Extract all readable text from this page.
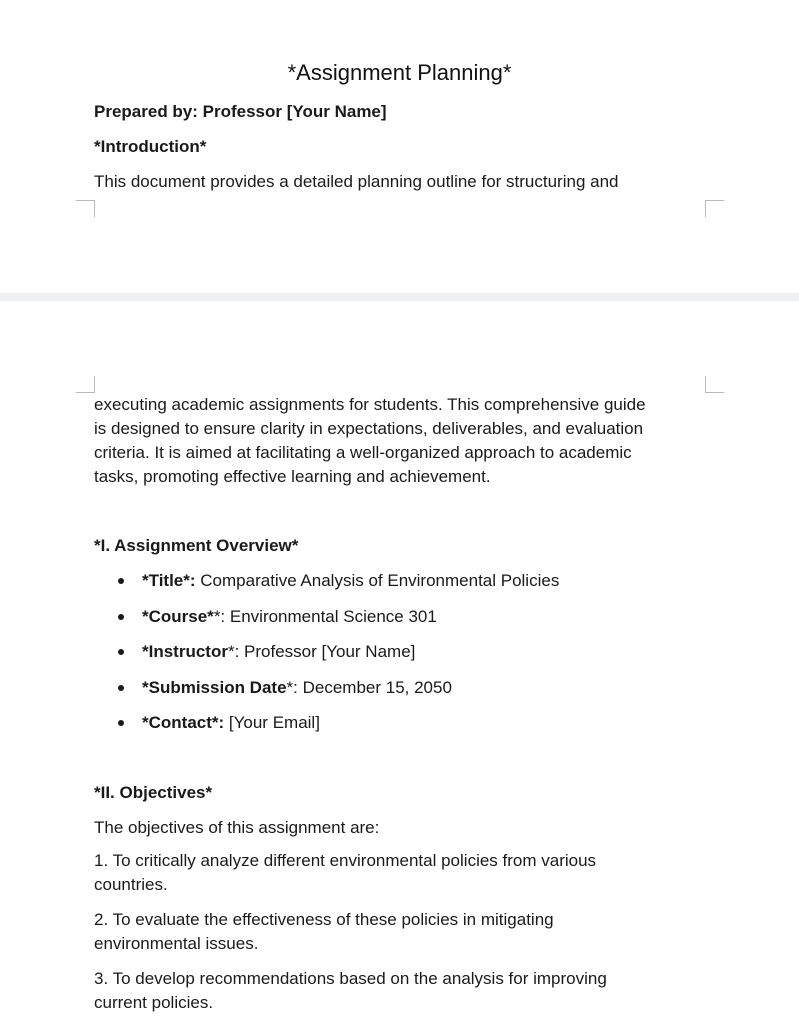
*Assignment Planning*
Prepared by: Professor [Your Name]
*Introduction*
This document provides a detailed planning outline for structuring and

executing academic assignments for students. This comprehensive guide

is designed to ensure clarity in expectations, deliverables, and evaluation

criteria. It is aimed at facilitating a well-organized approach to academic

tasks, promoting effective learning and achievement.

*I. Assignment Overview*
*Title*: Comparative Analysis of Environmental Policies
*Course**: Environmental Science 301
*Instructor*: Professor [Your Name]
*Submission Date*: December 15, 2050
*Contact*: [Your Email]
*II. Objectives*
The objectives of this assignment are:

1. To critically analyze different environmental policies from various

countries.

2. To evaluate the effectiveness of these policies in mitigating

environmental issues.

3. To develop recommendations based on the analysis for improving

current policies.
